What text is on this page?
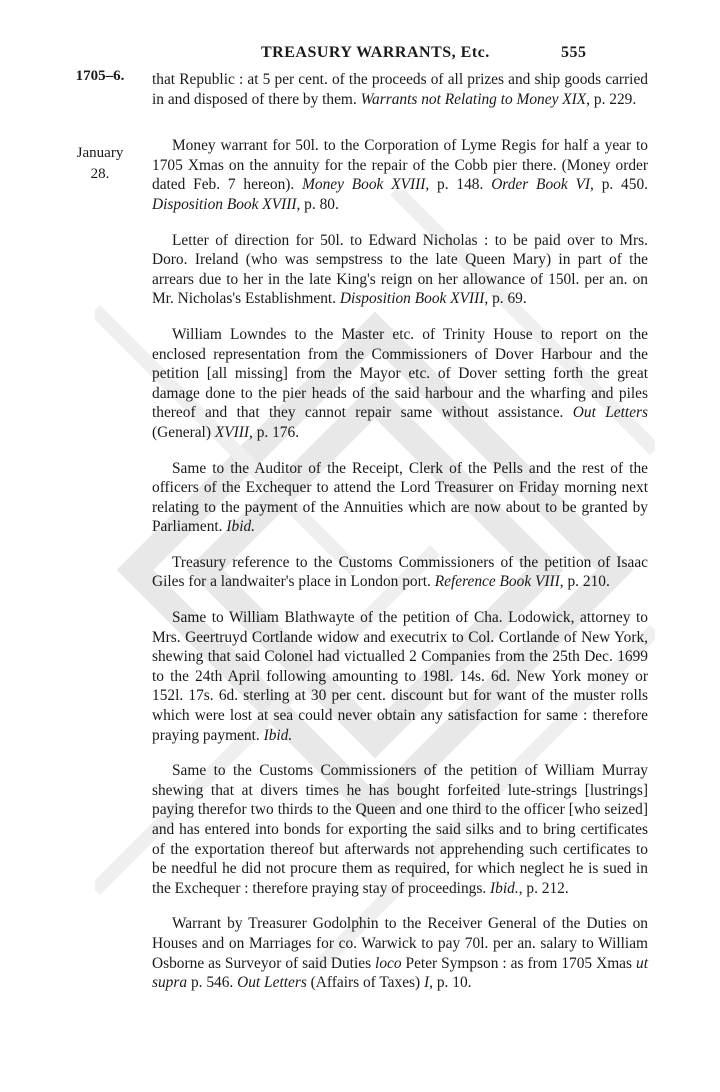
TREASURY WARRANTS, Etc.	555
1705–6.
January
28.

that Republic : at 5 per cent. of the proceeds of all prizes and ship goods carried in and disposed of there by them. Warrants not Relating to Money XIX, p. 229.

Money warrant for 50l. to the Corporation of Lyme Regis for half a year to 1705 Xmas on the annuity for the repair of the Cobb pier there. (Money order dated Feb. 7 hereon). Money Book XVIII, p. 148. Order Book VI, p. 450. Disposition Book XVIII, p. 80.

Letter of direction for 50l. to Edward Nicholas : to be paid over to Mrs. Doro. Ireland (who was sempstress to the late Queen Mary) in part of the arrears due to her in the late King's reign on her allowance of 150l. per an. on Mr. Nicholas's Establishment. Disposition Book XVIII, p. 69.

William Lowndes to the Master etc. of Trinity House to report on the enclosed representation from the Commissioners of Dover Harbour and the petition [all missing] from the Mayor etc. of Dover setting forth the great damage done to the pier heads of the said harbour and the wharfing and piles thereof and that they cannot repair same without assistance. Out Letters (General) XVIII, p. 176.

Same to the Auditor of the Receipt, Clerk of the Pells and the rest of the officers of the Exchequer to attend the Lord Treasurer on Friday morning next relating to the payment of the Annuities which are now about to be granted by Parliament. Ibid.

Treasury reference to the Customs Commissioners of the petition of Isaac Giles for a landwaiter's place in London port. Reference Book VIII, p. 210.

Same to William Blathwayte of the petition of Cha. Lodowick, attorney to Mrs. Geertruyd Cortlande widow and executrix to Col. Cortlande of New York, shewing that said Colonel had victualled 2 Companies from the 25th Dec. 1699 to the 24th April following amounting to 198l. 14s. 6d. New York money or 152l. 17s. 6d. sterling at 30 per cent. discount but for want of the muster rolls which were lost at sea could never obtain any satisfaction for same : therefore praying payment. Ibid.

Same to the Customs Commissioners of the petition of William Murray shewing that at divers times he has bought forfeited lute-strings [lustrings] paying therefor two thirds to the Queen and one third to the officer [who seized] and has entered into bonds for exporting the said silks and to bring certificates of the exportation thereof but afterwards not apprehending such certificates to be needful he did not procure them as required, for which neglect he is sued in the Exchequer : therefore praying stay of proceedings. Ibid., p. 212.

Warrant by Treasurer Godolphin to the Receiver General of the Duties on Houses and on Marriages for co. Warwick to pay 70l. per an. salary to William Osborne as Surveyor of said Duties loco Peter Sympson : as from 1705 Xmas ut supra p. 546. Out Letters (Affairs of Taxes) I, p. 10.
